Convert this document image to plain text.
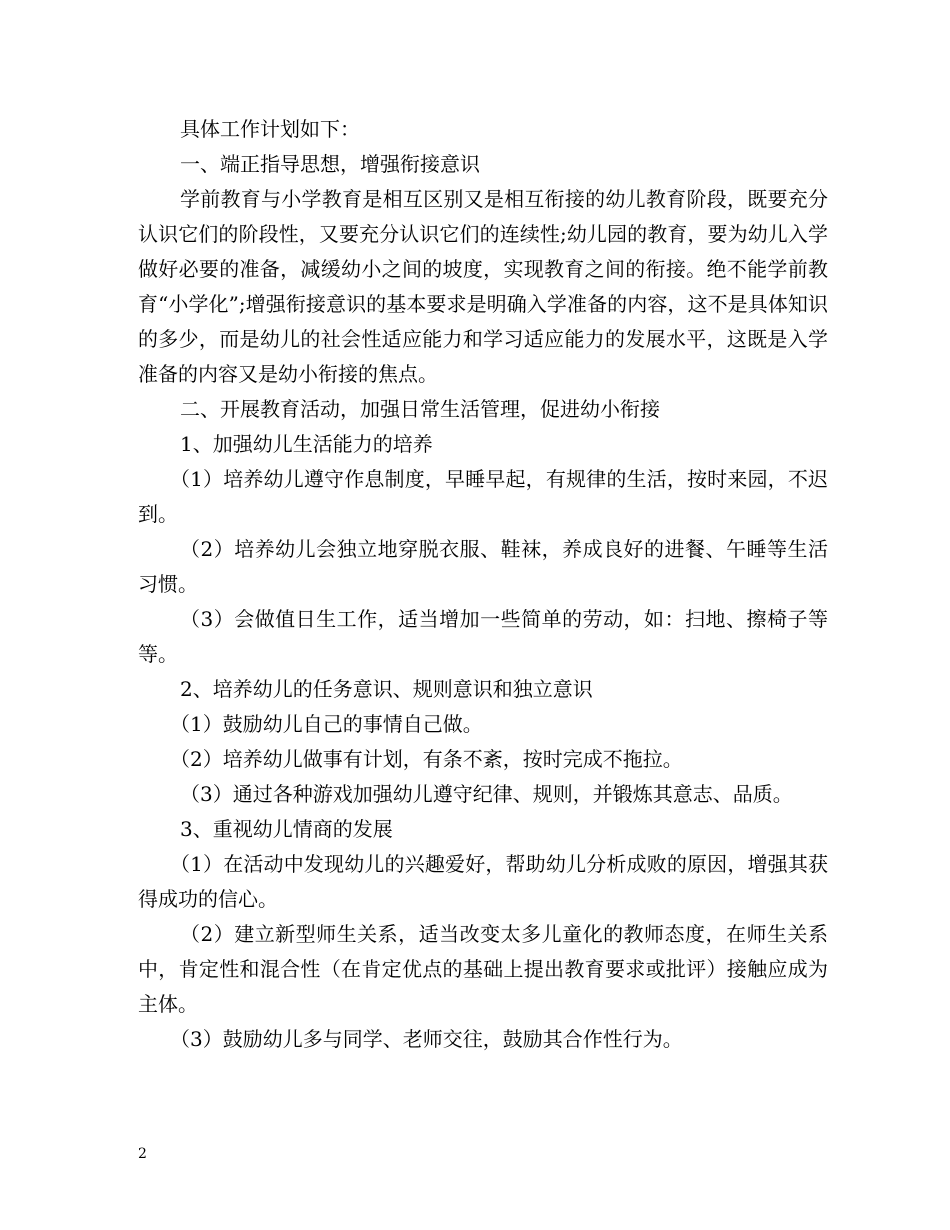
具体工作计划如下：

一、端正指导思想，增强衔接意识

学前教育与小学教育是相互区别又是相互衔接的幼儿教育阶段，既要充分认识它们的阶段性，又要充分认识它们的连续性;幼儿园的教育，要为幼儿入学做好必要的准备，减缓幼小之间的坡度，实现教育之间的衔接。绝不能学前教育“小学化”;增强衔接意识的基本要求是明确入学准备的内容，这不是具体知识的多少，而是幼儿的社会性适应能力和学习适应能力的发展水平，这既是入学准备的内容又是幼小衔接的焦点。

二、开展教育活动，加强日常生活管理，促进幼小衔接

1、加强幼儿生活能力的培养

（1）培养幼儿遵守作息制度，早睡早起，有规律的生活，按时来园，不迟到。

（2）培养幼儿会独立地穿脱衣服、鞋袜，养成良好的进餐、午睡等生活习惯。

（3）会做值日生工作，适当增加一些简单的劳动，如：扫地、擦椅子等等。

2、培养幼儿的任务意识、规则意识和独立意识

（1）鼓励幼儿自己的事情自己做。

（2）培养幼儿做事有计划，有条不紊，按时完成不拖拉。

（3）通过各种游戏加强幼儿遵守纪律、规则，并锻炼其意志、品质。

3、重视幼儿情商的发展

（1）在活动中发现幼儿的兴趣爱好，帮助幼儿分析成败的原因，增强其获得成功的信心。

（2）建立新型师生关系，适当改变太多儿童化的教师态度，在师生关系中，肯定性和混合性（在肯定优点的基础上提出教育要求或批评）接触应成为主体。

（3）鼓励幼儿多与同学、老师交往，鼓励其合作性行为。

2
